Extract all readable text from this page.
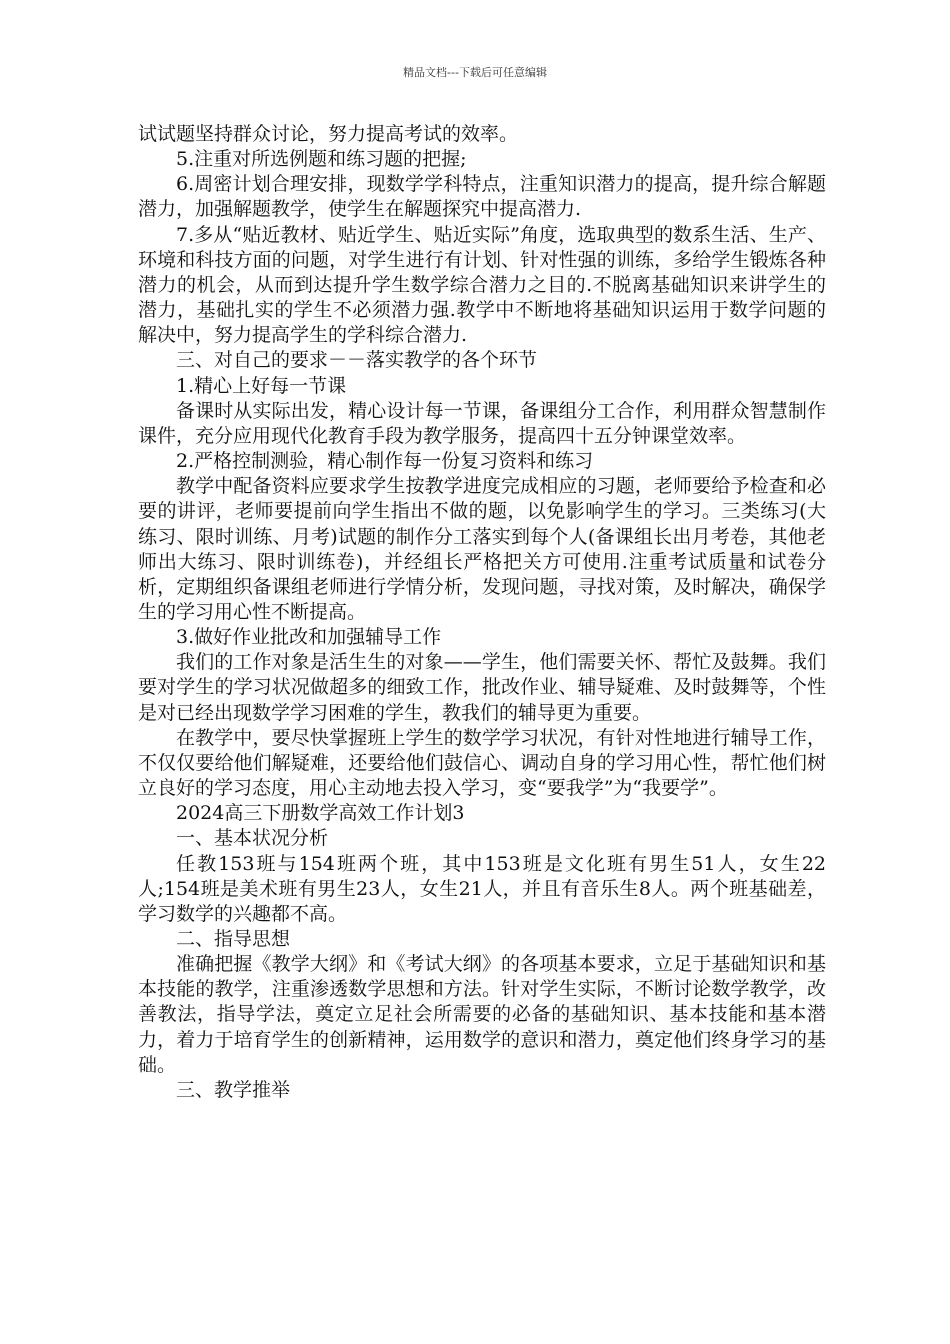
精品文档---下载后可任意编辑

试试题坚持群众讨论，努力提高考试的效率。

5.注重对所选例题和练习题的把握;

6.周密计划合理安排，现数学学科特点，注重知识潜力的提高，提升综合解题潜力，加强解题教学，使学生在解题探究中提高潜力.

7.多从“贴近教材、贴近学生、贴近实际”角度，选取典型的数系生活、生产、环境和科技方面的问题，对学生进行有计划、针对性强的训练，多给学生锻炼各种潜力的机会，从而到达提升学生数学综合潜力之目的.不脱离基础知识来讲学生的潜力，基础扎实的学生不必须潜力强.教学中不断地将基础知识运用于数学问题的解决中，努力提高学生的学科综合潜力.

三、对自己的要求－－落实教学的各个环节

1.精心上好每一节课

备课时从实际出发，精心设计每一节课，备课组分工合作，利用群众智慧制作课件，充分应用现代化教育手段为教学服务，提高四十五分钟课堂效率。

2.严格控制测验，精心制作每一份复习资料和练习

教学中配备资料应要求学生按教学进度完成相应的习题，老师要给予检查和必要的讲评，老师要提前向学生指出不做的题，以免影响学生的学习。三类练习(大练习、限时训练、月考)试题的制作分工落实到每个人(备课组长出月考卷，其他老师出大练习、限时训练卷)，并经组长严格把关方可使用.注重考试质量和试卷分析，定期组织备课组老师进行学情分析，发现问题，寻找对策，及时解决，确保学生的学习用心性不断提高。

3.做好作业批改和加强辅导工作

我们的工作对象是活生生的对象——学生，他们需要关怀、帮忙及鼓舞。我们要对学生的学习状况做超多的细致工作，批改作业、辅导疑难、及时鼓舞等，个性是对已经出现数学学习困难的学生，教我们的辅导更为重要。

在教学中，要尽快掌握班上学生的数学学习状况，有针对性地进行辅导工作，不仅仅要给他们解疑难，还要给他们鼓信心、调动自身的学习用心性，帮忙他们树立良好的学习态度，用心主动地去投入学习，变“要我学”为“我要学”。

2024高三下册数学高效工作计划3

一、基本状况分析

任教153班与154班两个班，其中153班是文化班有男生51人，女生22人;154班是美术班有男生23人，女生21人，并且有音乐生8人。两个班基础差，学习数学的兴趣都不高。

二、指导思想

准确把握《教学大纲》和《考试大纲》的各项基本要求，立足于基础知识和基本技能的教学，注重渗透数学思想和方法。针对学生实际，不断讨论数学教学，改善教法，指导学法，奠定立足社会所需要的必备的基础知识、基本技能和基本潜力，着力于培育学生的创新精神，运用数学的意识和潜力，奠定他们终身学习的基础。

三、教学推举
